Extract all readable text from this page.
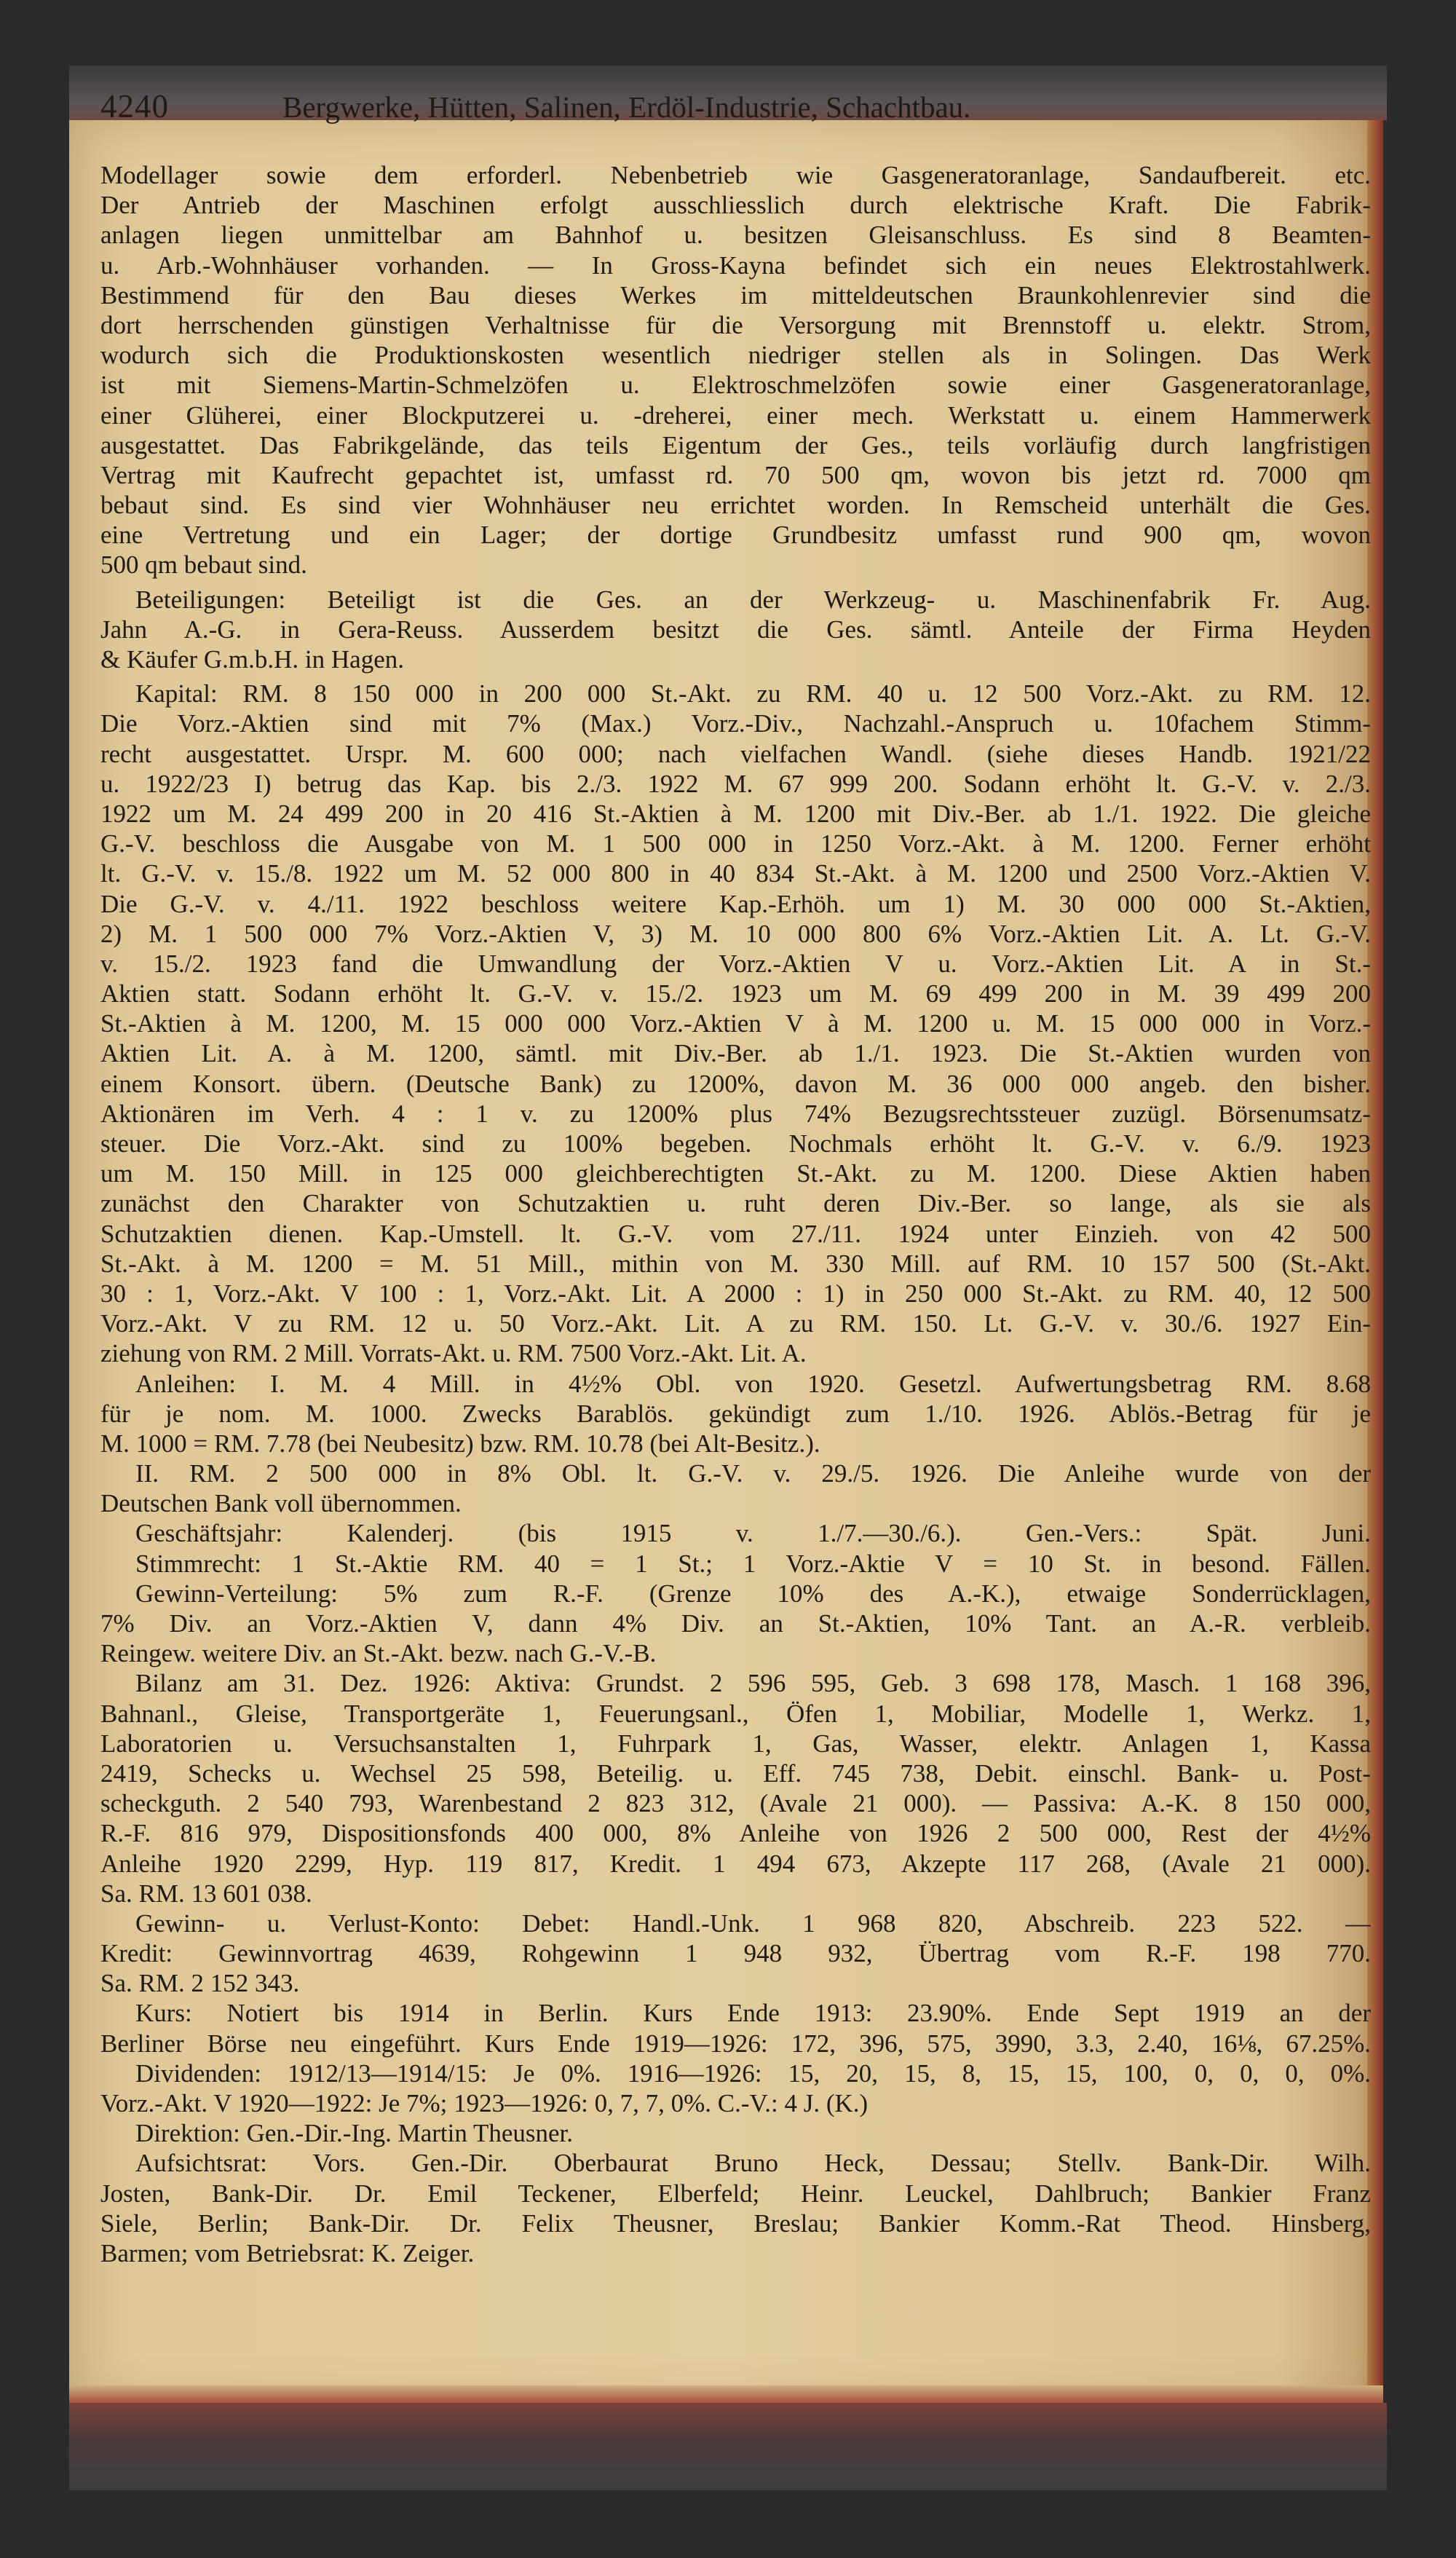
4240	Bergwerke, Hütten, Salinen, Erdöl-Industrie, Schachtbau.
Modellager sowie dem erforderl. Nebenbetrieb wie Gasgeneratoranlage, Sandaufbereit. etc.
Der Antrieb der Maschinen erfolgt ausschliesslich durch elektrische Kraft. Die Fabrik-
anlagen liegen unmittelbar am Bahnhof u. besitzen Gleisanschluss. Es sind 8 Beamten-
u. Arb.-Wohnhäuser vorhanden. — In Gross-Kayna befindet sich ein neues Elektrostahlwerk.
Bestimmend für den Bau dieses Werkes im mitteldeutschen Braunkohlenrevier sind die
dort herrschenden günstigen Verhaltnisse für die Versorgung mit Brennstoff u. elektr. Strom,
wodurch sich die Produktionskosten wesentlich niedriger stellen als in Solingen. Das Werk
ist mit Siemens-Martin-Schmelzöfen u. Elektroschmelzöfen sowie einer Gasgeneratoranlage,
einer Glüherei, einer Blockputzerei u. -dreherei, einer mech. Werkstatt u. einem Hammerwerk
ausgestattet. Das Fabrikgelände, das teils Eigentum der Ges., teils vorläufig durch langfristigen
Vertrag mit Kaufrecht gepachtet ist, umfasst rd. 70 500 qm, wovon bis jetzt rd. 7000 qm
bebaut sind. Es sind vier Wohnhäuser neu errichtet worden. In Remscheid unterhält die Ges.
eine Vertretung und ein Lager; der dortige Grundbesitz umfasst rund 900 qm, wovon
500 qm bebaut sind.
Beteiligungen: Beteiligt ist die Ges. an der Werkzeug- u. Maschinenfabrik Fr. Aug.
Jahn A.-G. in Gera-Reuss. Ausserdem besitzt die Ges. sämtl. Anteile der Firma Heyden
& Käufer G.m.b.H. in Hagen.
Kapital: RM. 8 150 000 in 200 000 St.-Akt. zu RM. 40 u. 12 500 Vorz.-Akt. zu RM. 12.
Die Vorz.-Aktien sind mit 7% (Max.) Vorz.-Div., Nachzahl.-Anspruch u. 10fachem Stimm-
recht ausgestattet. Urspr. M. 600 000; nach vielfachen Wandl. (siehe dieses Handb. 1921/22
u. 1922/23 I) betrug das Kap. bis 2./3. 1922 M. 67 999 200. Sodann erhöht lt. G.-V. v. 2./3.
1922 um M. 24 499 200 in 20 416 St.-Aktien à M. 1200 mit Div.-Ber. ab 1./1. 1922. Die gleiche
G.-V. beschloss die Ausgabe von M. 1 500 000 in 1250 Vorz.-Akt. à M. 1200. Ferner erhöht
lt. G.-V. v. 15./8. 1922 um M. 52 000 800 in 40 834 St.-Akt. à M. 1200 und 2500 Vorz.-Aktien V.
Die G.-V. v. 4./11. 1922 beschloss weitere Kap.-Erhöh. um 1) M. 30 000 000 St.-Aktien,
2) M. 1 500 000 7% Vorz.-Aktien V, 3) M. 10 000 800 6% Vorz.-Aktien Lit. A. Lt. G.-V.
v. 15./2. 1923 fand die Umwandlung der Vorz.-Aktien V u. Vorz.-Aktien Lit. A in St.-
Aktien statt. Sodann erhöht lt. G.-V. v. 15./2. 1923 um M. 69 499 200 in M. 39 499 200
St.-Aktien à M. 1200, M. 15 000 000 Vorz.-Aktien V à M. 1200 u. M. 15 000 000 in Vorz.-
Aktien Lit. A. à M. 1200, sämtl. mit Div.-Ber. ab 1./1. 1923. Die St.-Aktien wurden von
einem Konsort. übern. (Deutsche Bank) zu 1200%, davon M. 36 000 000 angeb. den bisher.
Aktionären im Verh. 4 : 1 v. zu 1200% plus 74% Bezugsrechtssteuer zuzügl. Börsenumsatz-
steuer. Die Vorz.-Akt. sind zu 100% begeben. Nochmals erhöht lt. G.-V. v. 6./9. 1923
um M. 150 Mill. in 125 000 gleichberechtigten St.-Akt. zu M. 1200. Diese Aktien haben
zunächst den Charakter von Schutzaktien u. ruht deren Div.-Ber. so lange, als sie als
Schutzaktien dienen. Kap.-Umstell. lt. G.-V. vom 27./11. 1924 unter Einzieh. von 42 500
St.-Akt. à M. 1200 = M. 51 Mill., mithin von M. 330 Mill. auf RM. 10 157 500 (St.-Akt.
30 : 1, Vorz.-Akt. V 100 : 1, Vorz.-Akt. Lit. A 2000 : 1) in 250 000 St.-Akt. zu RM. 40, 12 500
Vorz.-Akt. V zu RM. 12 u. 50 Vorz.-Akt. Lit. A zu RM. 150. Lt. G.-V. v. 30./6. 1927 Ein-
ziehung von RM. 2 Mill. Vorrats-Akt. u. RM. 7500 Vorz.-Akt. Lit. A.
Anleihen: I. M. 4 Mill. in 4½% Obl. von 1920. Gesetzl. Aufwertungsbetrag RM. 8.68
für je nom. M. 1000. Zwecks Barablös. gekündigt zum 1./10. 1926. Ablös.-Betrag für je
M. 1000 = RM. 7.78 (bei Neubesitz) bzw. RM. 10.78 (bei Alt-Besitz.).
II. RM. 2 500 000 in 8% Obl. lt. G.-V. v. 29./5. 1926. Die Anleihe wurde von der
Deutschen Bank voll übernommen.
Geschäftsjahr: Kalenderj. (bis 1915 v. 1./7.—30./6.). Gen.-Vers.: Spät. Juni.
Stimmrecht: 1 St.-Aktie RM. 40 = 1 St.; 1 Vorz.-Aktie V = 10 St. in besond. Fällen.
Gewinn-Verteilung: 5% zum R.-F. (Grenze 10% des A.-K.), etwaige Sonderrücklagen,
7% Div. an Vorz.-Aktien V, dann 4% Div. an St.-Aktien, 10% Tant. an A.-R. verbleib.
Reingew. weitere Div. an St.-Akt. bezw. nach G.-V.-B.
Bilanz am 31. Dez. 1926: Aktiva: Grundst. 2 596 595, Geb. 3 698 178, Masch. 1 168 396,
Bahnanl., Gleise, Transportgeräte 1, Feuerungsanl., Öfen 1, Mobiliar, Modelle 1, Werkz. 1,
Laboratorien u. Versuchsanstalten 1, Fuhrpark 1, Gas, Wasser, elektr. Anlagen 1, Kassa
2419, Schecks u. Wechsel 25 598, Beteilig. u. Eff. 745 738, Debit. einschl. Bank- u. Post-
scheckguth. 2 540 793, Warenbestand 2 823 312, (Avale 21 000). — Passiva: A.-K. 8 150 000,
R.-F. 816 979, Dispositionsfonds 400 000, 8% Anleihe von 1926 2 500 000, Rest der 4½%
Anleihe 1920 2299, Hyp. 119 817, Kredit. 1 494 673, Akzepte 117 268, (Avale 21 000).
Sa. RM. 13 601 038.
Gewinn- u. Verlust-Konto: Debet: Handl.-Unk. 1 968 820, Abschreib. 223 522. —
Kredit: Gewinnvortrag 4639, Rohgewinn 1 948 932, Übertrag vom R.-F. 198 770.
Sa. RM. 2 152 343.
Kurs: Notiert bis 1914 in Berlin. Kurs Ende 1913: 23.90%. Ende Sept 1919 an der
Berliner Börse neu eingeführt. Kurs Ende 1919—1926: 172, 396, 575, 3990, 3.3, 2.40, 16⅛, 67.25%.
Dividenden: 1912/13—1914/15: Je 0%. 1916—1926: 15, 20, 15, 8, 15, 15, 100, 0, 0, 0, 0%.
Vorz.-Akt. V 1920—1922: Je 7%; 1923—1926: 0, 7, 7, 0%. C.-V.: 4 J. (K.)
Direktion: Gen.-Dir.-Ing. Martin Theusner.
Aufsichtsrat: Vors. Gen.-Dir. Oberbaurat Bruno Heck, Dessau; Stellv. Bank-Dir. Wilh.
Josten, Bank-Dir. Dr. Emil Teckener, Elberfeld; Heinr. Leuckel, Dahlbruch; Bankier Franz
Siele, Berlin; Bank-Dir. Dr. Felix Theusner, Breslau; Bankier Komm.-Rat Theod. Hinsberg,
Barmen; vom Betriebsrat: K. Zeiger.
